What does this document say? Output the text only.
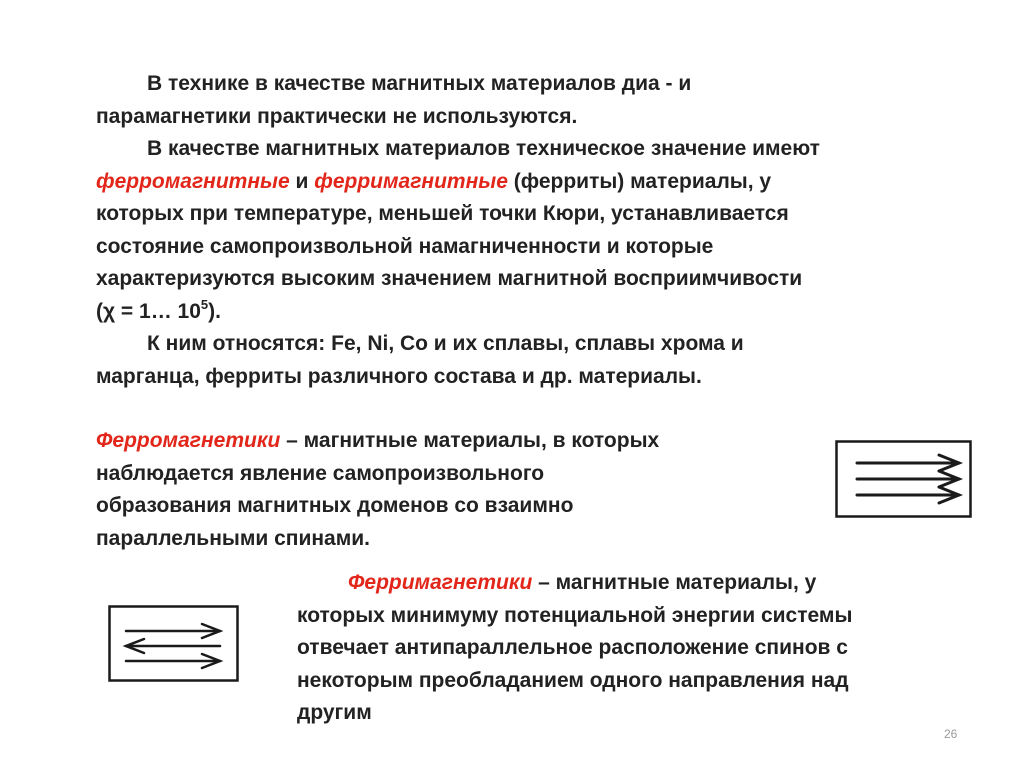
В технике в качестве магнитных материалов диа - и
парамагнетики практически не используются.
В качестве магнитных материалов техническое значение имеют
ферромагнитные и ферримагнитные (ферриты) материалы, у
которых при температуре, меньшей точки Кюри, устанавливается
состояние самопроизвольной намагниченности и которые
характеризуются высоким значением магнитной восприимчивости
(χ = 1… $10^5$).
К ним относятся: Fe, Ni, Co и их сплавы, сплавы хрома и
марганца, ферриты различного состава и др. материалы.

Ферромагнетики – магнитные материалы, в которых
наблюдается явление самопроизвольного
образования магнитных доменов со взаимно
параллельными спинами.

Ферримагнетики – магнитные материалы, у
которых минимуму потенциальной энергии системы
отвечает антипараллельное расположение спинов с
некоторым преобладанием одного направления над
другим

26
